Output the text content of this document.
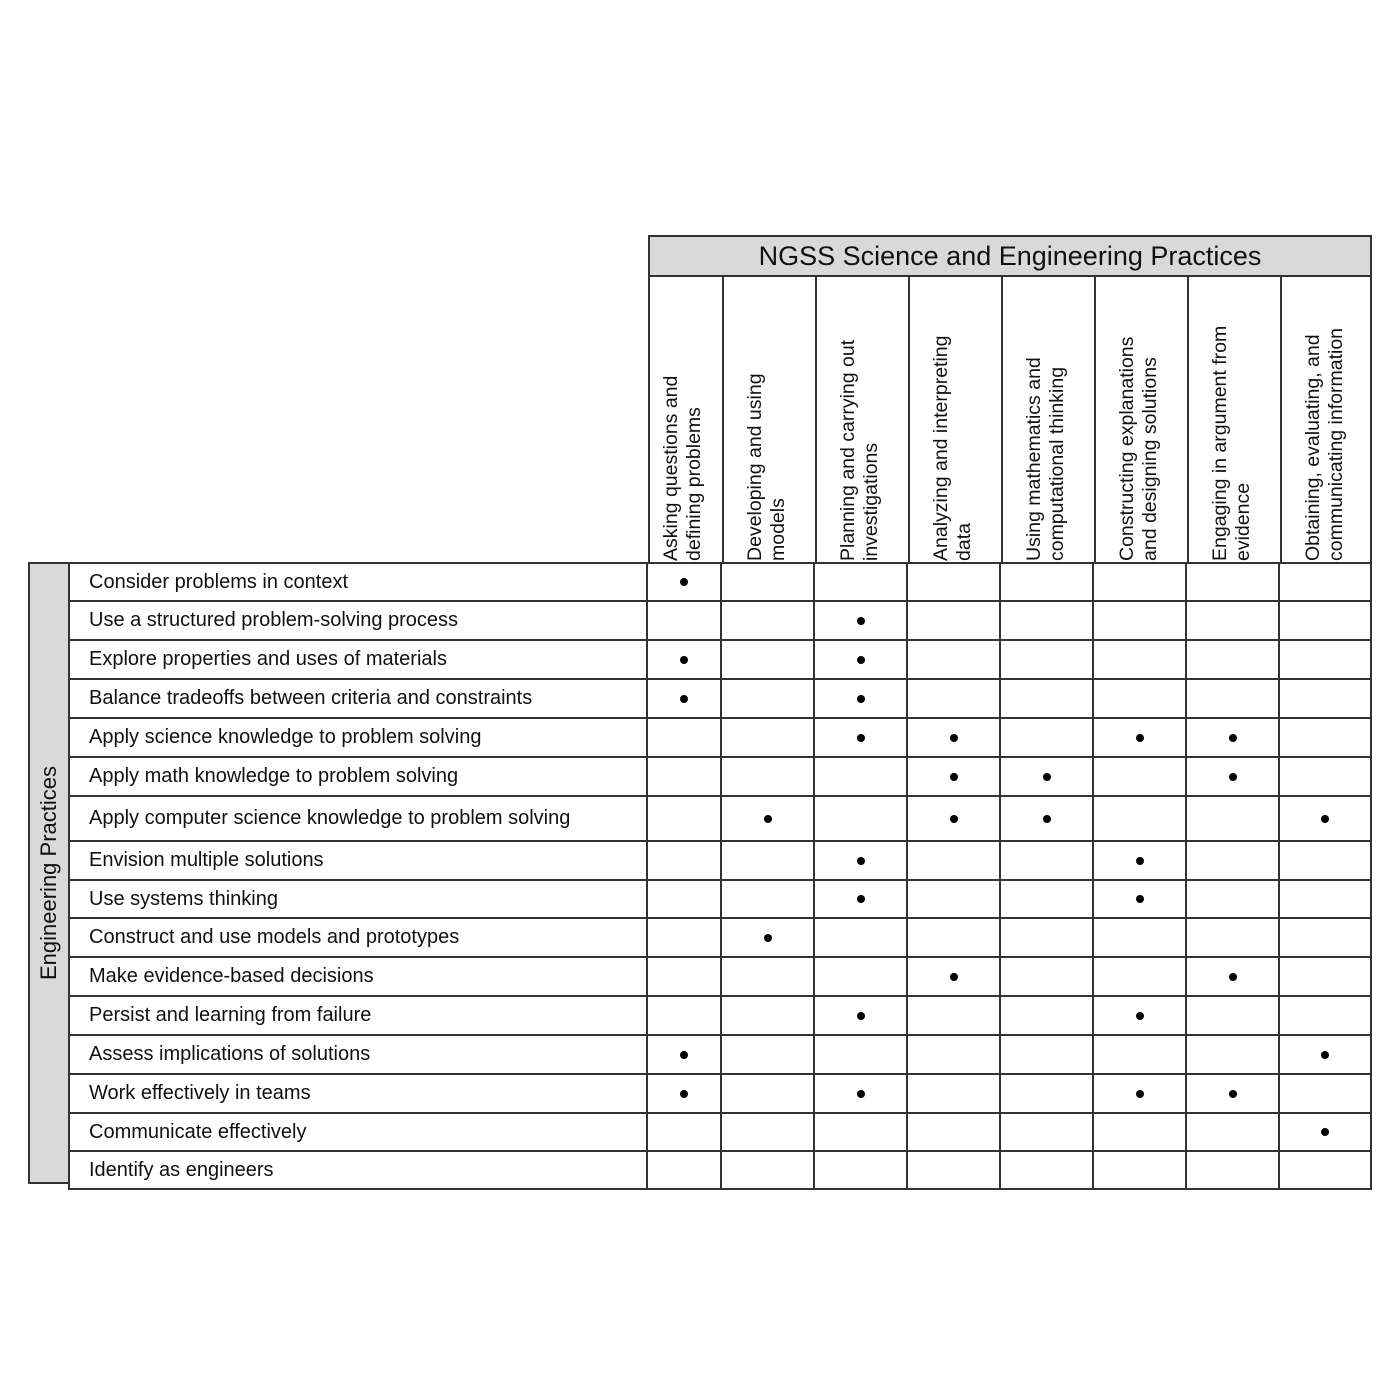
NGSS Science and Engineering Practices
Asking questions and defining problems Developing and using models Planning and carrying out investigations Analyzing and interpreting data Using mathematics and computational thinking Constructing explanations and designing solutions Engaging in argument from evidence Obtaining, evaluating, and communicating information
Engineering Practices
Consider problems in context
Use a structured problem-solving process
Explore properties and uses of materials
Balance tradeoffs between criteria and constraints
Apply science knowledge to problem solving
Apply math knowledge to problem solving
Apply computer science knowledge to problem solving
Envision multiple solutions
Use systems thinking
Construct and use models and prototypes
Make evidence-based decisions
Persist and learning from failure
Assess implications of solutions
Work effectively in teams
Communicate effectively
Identify as engineers
